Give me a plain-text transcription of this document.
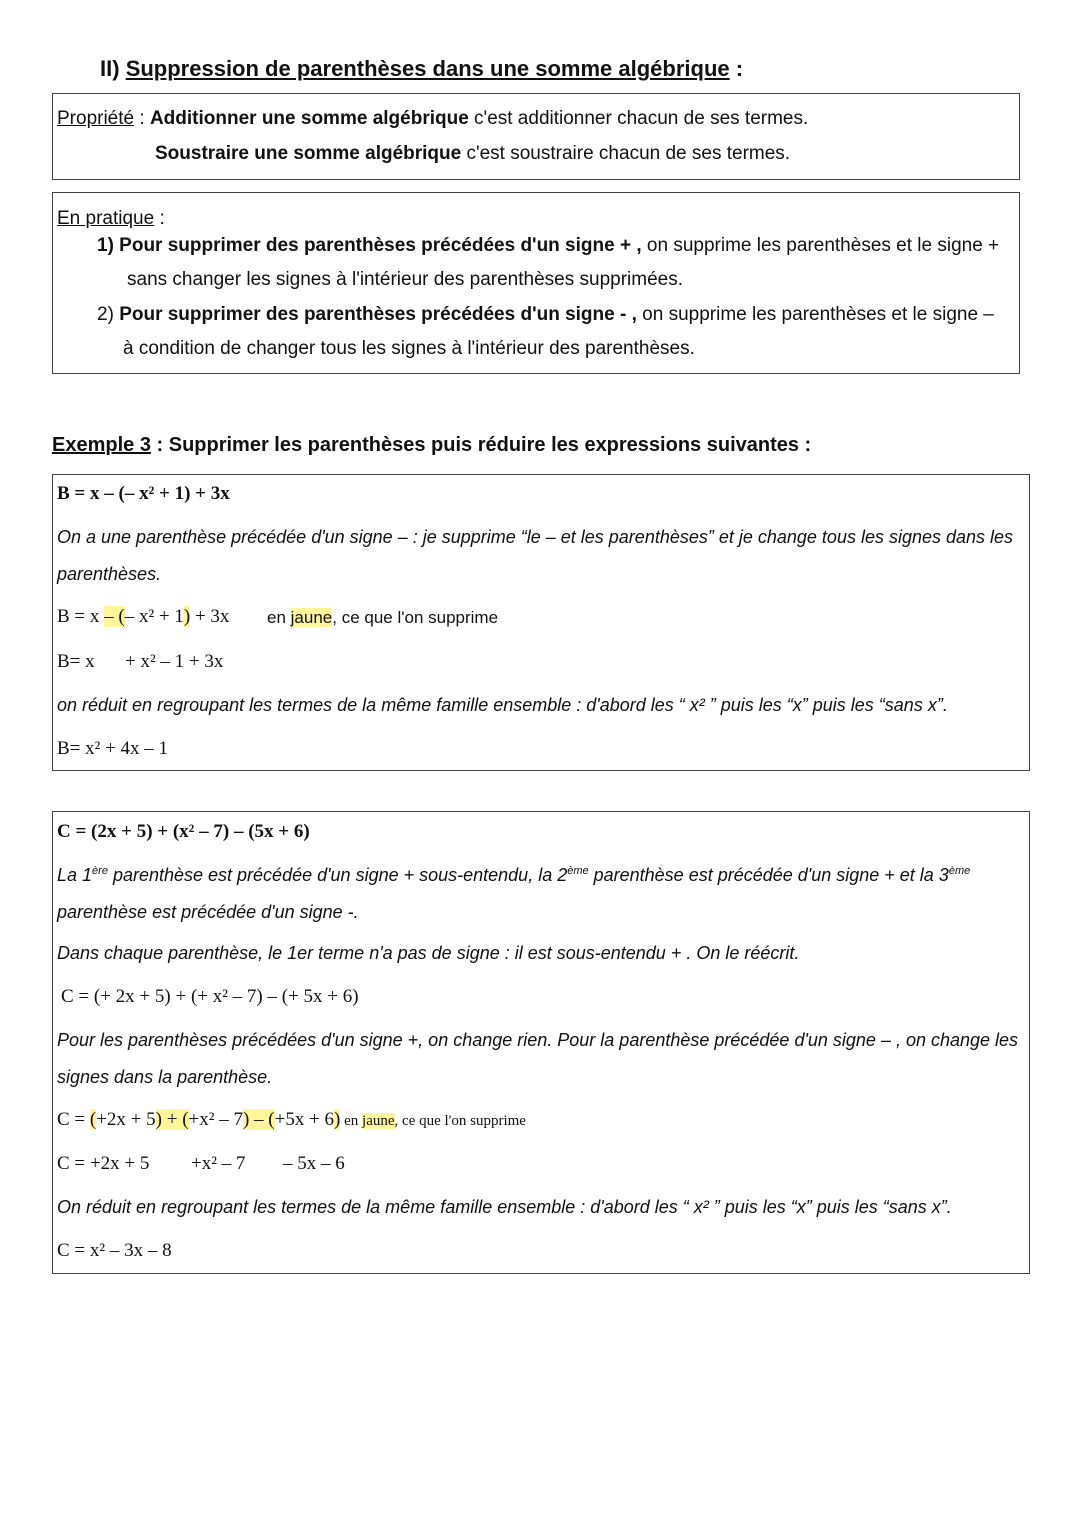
II) Suppression de parenthèses dans une somme algébrique :
Propriété : Additionner une somme algébrique c'est additionner chacun de ses termes.
Soustraire une somme algébrique c'est soustraire chacun de ses termes.
En pratique :
1) Pour supprimer des parenthèses précédées d'un signe + , on supprime les parenthèses et le signe +
sans changer les signes à l'intérieur des parenthèses supprimées.
2) Pour supprimer des parenthèses précédées d'un signe - , on supprime les parenthèses et le signe –
à condition de changer tous les signes à l'intérieur des parenthèses.
Exemple 3 : Supprimer les parenthèses puis réduire les expressions suivantes :
B = x – (– x² + 1) + 3x
On a une parenthèse précédée d'un signe – : je supprime “le – et les parenthèses” et je change tous les signes dans les
parenthèses.
B = x – (– x² + 1) + 3x en jaune, ce que l'on supprime
B= x + x² – 1 + 3x
on réduit en regroupant les termes de la même famille ensemble : d'abord les “ x² ” puis les “x” puis les “sans x”.
B= x² + 4x – 1
C = (2x + 5) + (x² – 7) – (5x + 6)
La 1ère parenthèse est précédée d'un signe + sous-entendu, la 2ème parenthèse est précédée d'un signe + et la 3ème
parenthèse est précédée d'un signe -.
Dans chaque parenthèse, le 1er terme n'a pas de signe : il est sous-entendu + . On le réécrit.
C = (+ 2x + 5) + (+ x² – 7) – (+ 5x + 6)
Pour les parenthèses précédées d'un signe +, on change rien. Pour la parenthèse précédée d'un signe – , on change les
signes dans la parenthèse.
C = (+2x + 5) + (+x² – 7) – (+5x + 6) en jaune, ce que l'on supprime
C = +2x + 5 +x² – 7 – 5x – 6
On réduit en regroupant les termes de la même famille ensemble : d'abord les “ x² ” puis les “x” puis les “sans x”.
C = x² – 3x – 8
